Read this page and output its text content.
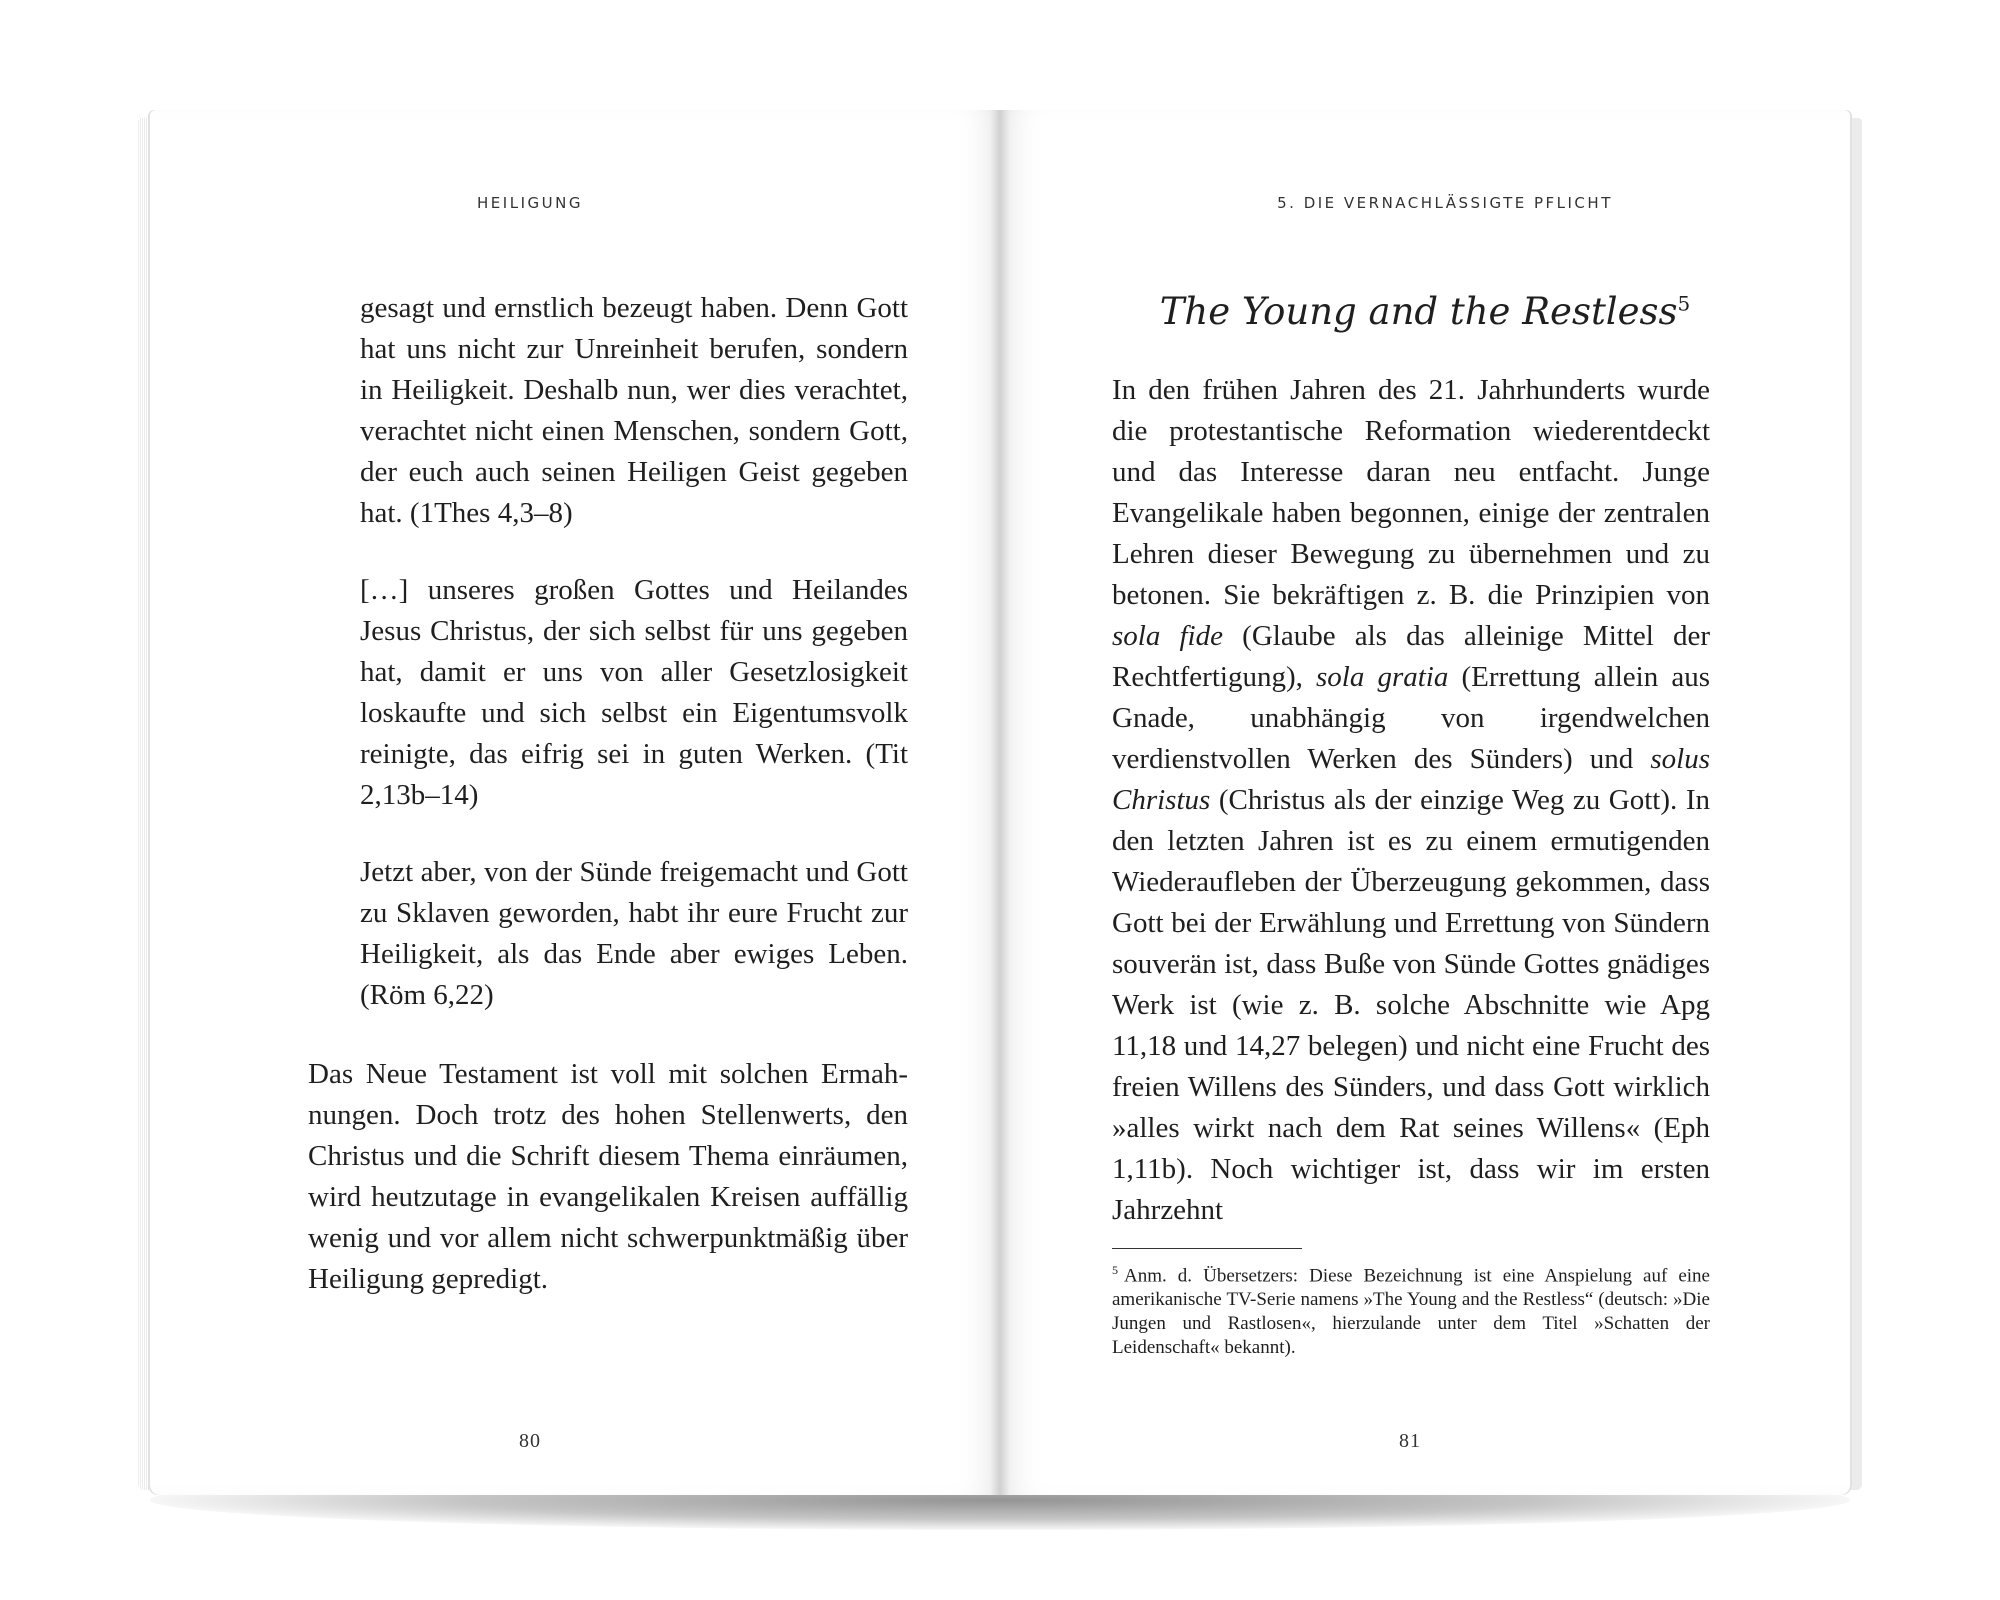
HEILIGUNG

gesagt und ernstlich bezeugt haben. Denn Gott hat uns nicht zur Unreinheit berufen, sondern in Heiligkeit. Deshalb nun, wer dies verachtet, verachtet nicht einen Menschen, sondern Gott, der euch auch seinen Heiligen Geist gegeben hat. (1Thes 4,3–8)

[…] unseres großen Gottes und Heilandes Jesus Christus, der sich selbst für uns gegeben hat, damit er uns von aller Gesetzlosigkeit loskaufte und sich selbst ein Eigentumsvolk reinigte, das eifrig sei in guten Werken. (Tit 2,13b–14)

Jetzt aber, von der Sünde freigemacht und Gott zu Sklaven geworden, habt ihr eure Frucht zur Heiligkeit, als das Ende aber ewiges Leben. (Röm 6,22)

Das Neue Testament ist voll mit solchen Ermahnungen. Doch trotz des hohen Stellenwerts, den Christus und die Schrift diesem Thema einräumen, wird heutzutage in evangelikalen Kreisen auffällig wenig und vor allem nicht schwerpunktmäßig über Heiligung gepredigt.

80
5. DIE VERNACHLÄSSIGTE PFLICHT
The Young and the Restless$^5$

In den frühen Jahren des 21. Jahrhunderts wurde die protestantische Reformation wiederentdeckt und das Interesse daran neu entfacht. Junge Evangelikale haben begonnen, einige der zentralen Lehren dieser Bewegung zu übernehmen und zu betonen. Sie bekräftigen z. B. die Prinzipien von sola fide (Glaube als das alleinige Mittel der Rechtfertigung), sola gratia (Errettung allein aus Gnade, unabhängig von irgendwelchen verdienstvollen Werken des Sünders) und solus Christus (Christus als der einzige Weg zu Gott). In den letzten Jahren ist es zu einem ermutigenden Wiederaufleben der Überzeugung gekommen, dass Gott bei der Erwählung und Errettung von Sündern souverän ist, dass Buße von Sünde Gottes gnädiges Werk ist (wie z. B. solche Abschnitte wie Apg 11,18 und 14,27 belegen) und nicht eine Frucht des freien Willens des Sünders, und dass Gott wirklich »alles wirkt nach dem Rat seines Willens« (Eph 1,11b). Noch wichtiger ist, dass wir im ersten Jahrzehnt

$^5$ Anm. d. Übersetzers: Diese Bezeichnung ist eine Anspielung auf eine amerikanische TV-Serie namens »The Young and the Restless“ (deutsch: »Die Jungen und Rastlosen«, hierzulande unter dem Titel »Schatten der Leidenschaft« bekannt).
81
